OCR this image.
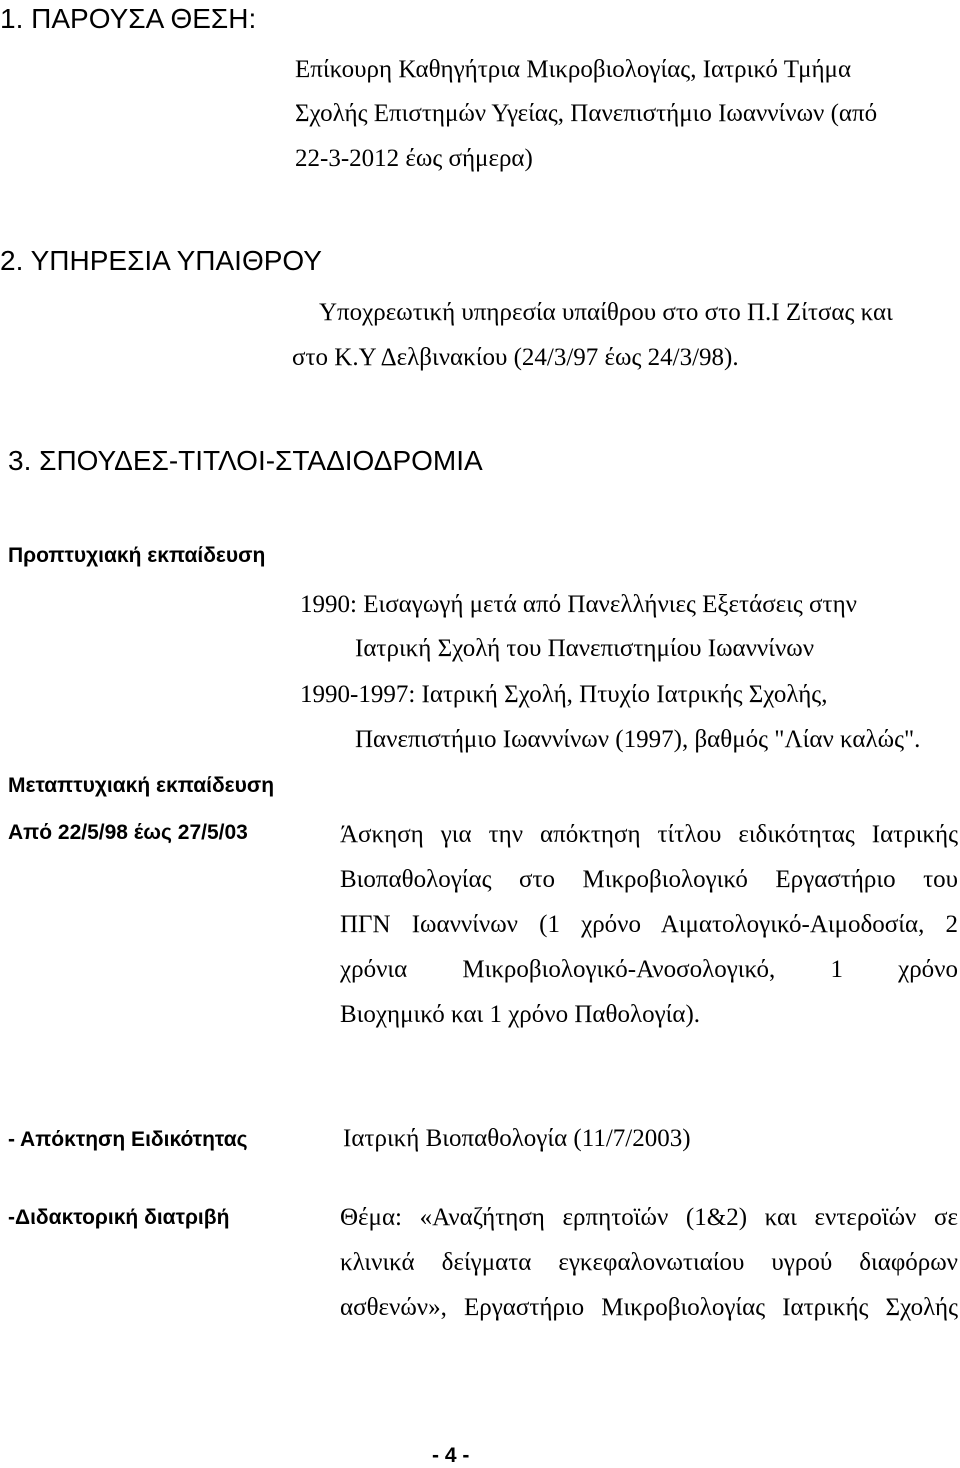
1. ΠΑΡΟΥΣΑ ΘΕΣΗ:
Επίκουρη Καθηγήτρια Μικροβιολογίας, Ιατρικό Τμήμα
Σχολής Επιστημών Υγείας, Πανεπιστήμιο Ιωαννίνων (από
22-3-2012 έως σήμερα)
2. ΥΠΗΡΕΣΙΑ ΥΠΑΙΘΡΟΥ
Υποχρεωτική υπηρεσία υπαίθρου στο στο Π.Ι Ζίτσας και
στο Κ.Υ Δελβινακίου (24/3/97 έως 24/3/98).
3. ΣΠΟΥΔΕΣ-ΤΙΤΛΟΙ-ΣΤΑΔΙΟΔΡΟΜΙΑ
Προπτυχιακή εκπαίδευση
1990: Εισαγωγή μετά από Πανελλήνιες Εξετάσεις στην
Ιατρική Σχολή του Πανεπιστημίου Ιωαννίνων
1990-1997: Ιατρική Σχολή, Πτυχίο Ιατρικής Σχολής,
Πανεπιστήμιο Ιωαννίνων (1997), βαθμός "Λίαν καλώς".
Μεταπτυχιακή εκπαίδευση
Από 22/5/98 έως 27/5/03	Άσκηση για την απόκτηση τίτλου ειδικότητας Ιατρικής
Βιοπαθολογίας στο Μικροβιολογικό Εργαστήριο του
ΠΓΝ Ιωαννίνων (1 χρόνο Αιματολογικό-Αιμοδοσία, 2
χρόνια Μικροβιολογικό-Ανοσολογικό, 1 χρόνο
Βιοχημικό και 1 χρόνο Παθολογία).
- Απόκτηση Ειδικότητας	Ιατρική Βιοπαθολογία (11/7/2003)
-Διδακτορική διατριβή	Θέμα: «Αναζήτηση ερπητοϊών (1&2) και εντεροϊών σε
κλινικά δείγματα εγκεφαλονωτιαίου υγρού διαφόρων
ασθενών», Εργαστήριο Μικροβιολογίας Ιατρικής Σχολής
- 4 -
